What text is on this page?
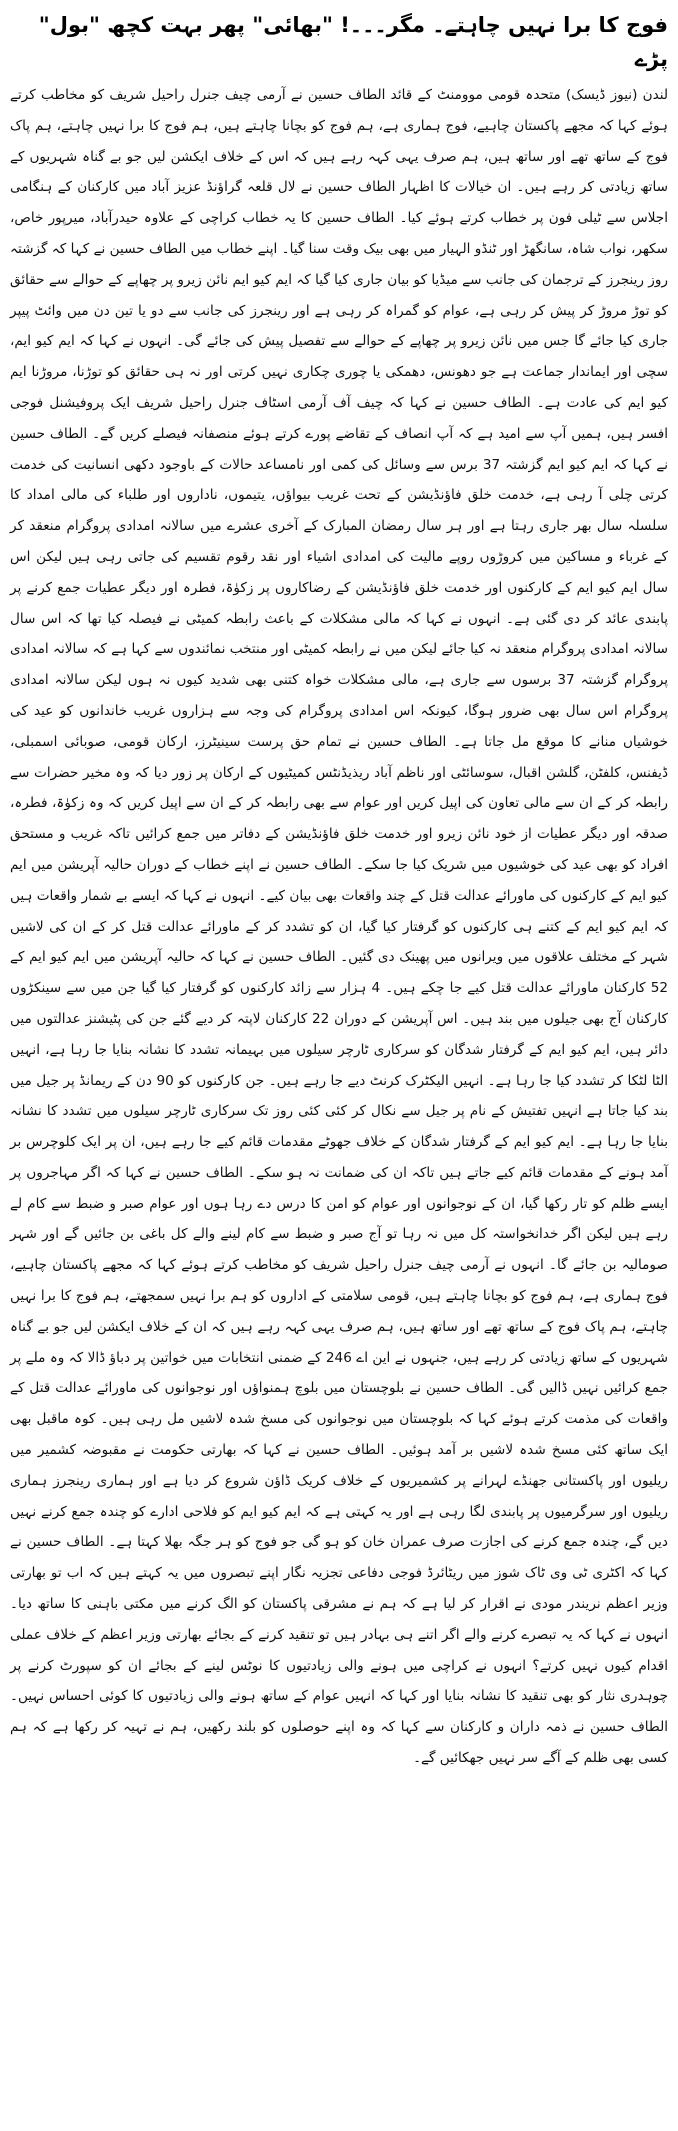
فوج کا برا نہیں چاہتے۔ مگر۔۔۔! "بھائی" پھر بہت کچھ "بول" پڑے

لندن (نیوز ڈیسک) متحدہ قومی موومنٹ کے قائد الطاف حسین نے آرمی چیف جنرل راحیل شریف کو مخاطب کرتے ہوئے کہا کہ مجھے پاکستان چاہیے، فوج ہماری ہے، ہم فوج کو بچانا چاہتے ہیں، ہم فوج کا برا نہیں چاہتے، ہم پاک فوج کے ساتھ تھے اور ساتھ ہیں، ہم صرف یہی کہہ رہے ہیں کہ اس کے خلاف ایکشن لیں جو بے گناہ شہریوں کے ساتھ زیادتی کر رہے ہیں۔ ان خیالات کا اظہار الطاف حسین نے لال قلعہ گراؤنڈ عزیز آباد میں کارکنان کے ہنگامی اجلاس سے ٹیلی فون پر خطاب کرتے ہوئے کیا۔ الطاف حسین کا یہ خطاب کراچی کے علاوہ حیدرآباد، میرپور خاص، سکھر، نواب شاہ، سانگھڑ اور ٹنڈو الہیار میں بھی بیک وقت سنا گیا۔ اپنے خطاب میں الطاف حسین نے کہا کہ گزشتہ روز رینجرز کے ترجمان کی جانب سے میڈیا کو بیان جاری کیا گیا کہ ایم کیو ایم نائن زیرو پر چھاپے کے حوالے سے حقائق کو توڑ مروڑ کر پیش کر رہی ہے، عوام کو گمراہ کر رہی ہے اور رینجرز کی جانب سے دو یا تین دن میں وائٹ پیپر جاری کیا جائے گا جس میں نائن زیرو پر چھاپے کے حوالے سے تفصیل پیش کی جائے گی۔ انہوں نے کہا کہ ایم کیو ایم، سچی اور ایماندار جماعت ہے جو دھونس، دھمکی یا چوری چکاری نہیں کرتی اور نہ ہی حقائق کو توڑنا، مروڑنا ایم کیو ایم کی عادت ہے۔ الطاف حسین نے کہا کہ چیف آف آرمی اسٹاف جنرل راحیل شریف ایک پروفیشنل فوجی افسر ہیں، ہمیں آپ سے امید ہے کہ آپ انصاف کے تقاضے پورے کرتے ہوئے منصفانہ فیصلے کریں گے۔ الطاف حسین نے کہا کہ ایم کیو ایم گزشتہ 37 برس سے وسائل کی کمی اور نامساعد حالات کے باوجود دکھی انسانیت کی خدمت کرتی چلی آ رہی ہے، خدمت خلق فاؤنڈیشن کے تحت غریب بیواؤں، یتیموں، ناداروں اور طلباء کی مالی امداد کا سلسلہ سال بھر جاری رہتا ہے اور ہر سال رمضان المبارک کے آخری عشرے میں سالانہ امدادی پروگرام منعقد کر کے غرباء و مساکین میں کروڑوں روپے مالیت کی امدادی اشیاء اور نقد رقوم تقسیم کی جاتی رہی ہیں لیکن اس سال ایم کیو ایم کے کارکنوں اور خدمت خلق فاؤنڈیشن کے رضاکاروں پر زکوٰۃ، فطرہ اور دیگر عطیات جمع کرنے پر پابندی عائد کر دی گئی ہے۔ انہوں نے کہا کہ مالی مشکلات کے باعث رابطہ کمیٹی نے فیصلہ کیا تھا کہ اس سال سالانہ امدادی پروگرام منعقد نہ کیا جائے لیکن میں نے رابطہ کمیٹی اور منتخب نمائندوں سے کہا ہے کہ سالانہ امدادی پروگرام گزشتہ 37 برسوں سے جاری ہے، مالی مشکلات خواہ کتنی بھی شدید کیوں نہ ہوں لیکن سالانہ امدادی پروگرام اس سال بھی ضرور ہوگا، کیونکہ اس امدادی پروگرام کی وجہ سے ہزاروں غریب خاندانوں کو عید کی خوشیاں منانے کا موقع مل جاتا ہے۔ الطاف حسین نے تمام حق پرست سینیٹرز، ارکان قومی، صوبائی اسمبلی، ڈیفنس، کلفٹن، گلشن اقبال، سوسائٹی اور ناظم آباد ریذیڈنٹس کمیٹیوں کے ارکان پر زور دیا کہ وہ مخیر حضرات سے رابطہ کر کے ان سے مالی تعاون کی اپیل کریں اور عوام سے بھی رابطہ کر کے ان سے اپیل کریں کہ وہ زکوٰۃ، فطرہ، صدقہ اور دیگر عطیات از خود نائن زیرو اور خدمت خلق فاؤنڈیشن کے دفاتر میں جمع کرائیں تاکہ غریب و مستحق افراد کو بھی عید کی خوشیوں میں شریک کیا جا سکے۔ الطاف حسین نے اپنے خطاب کے دوران حالیہ آپریشن میں ایم کیو ایم کے کارکنوں کی ماورائے عدالت قتل کے چند واقعات بھی بیان کیے۔ انہوں نے کہا کہ ایسے بے شمار واقعات ہیں کہ ایم کیو ایم کے کتنے ہی کارکنوں کو گرفتار کیا گیا، ان کو تشدد کر کے ماورائے عدالت قتل کر کے ان کی لاشیں شہر کے مختلف علاقوں میں ویرانوں میں پھینک دی گئیں۔ الطاف حسین نے کہا کہ حالیہ آپریشن میں ایم کیو ایم کے 52 کارکنان ماورائے عدالت قتل کیے جا چکے ہیں۔ 4 ہزار سے زائد کارکنوں کو گرفتار کیا گیا جن میں سے سینکڑوں کارکنان آج بھی جیلوں میں بند ہیں۔ اس آپریشن کے دوران 22 کارکنان لاپتہ کر دیے گئے جن کی پٹیشنز عدالتوں میں دائر ہیں، ایم کیو ایم کے گرفتار شدگان کو سرکاری ٹارچر سیلوں میں بہیمانہ تشدد کا نشانہ بنایا جا رہا ہے، انہیں الٹا لٹکا کر تشدد کیا جا رہا ہے۔ انہیں الیکٹرک کرنٹ دیے جا رہے ہیں۔ جن کارکنوں کو 90 دن کے ریمانڈ پر جیل میں بند کیا جاتا ہے انہیں تفتیش کے نام پر جیل سے نکال کر کئی کئی روز تک سرکاری ٹارچر سیلوں میں تشدد کا نشانہ بنایا جا رہا ہے۔ ایم کیو ایم کے گرفتار شدگان کے خلاف جھوٹے مقدمات قائم کیے جا رہے ہیں، ان پر ایک کلوچرس بر آمد ہونے کے مقدمات قائم کیے جاتے ہیں تاکہ ان کی ضمانت نہ ہو سکے۔ الطاف حسین نے کہا کہ اگر مہاجروں پر ایسے ظلم کو تار رکھا گیا، ان کے نوجوانوں اور عوام کو امن کا درس دے رہا ہوں اور عوام صبر و ضبط سے کام لے رہے ہیں لیکن اگر خدانخواستہ کل میں نہ رہا تو آج صبر و ضبط سے کام لینے والے کل باغی بن جائیں گے اور شہر صومالیہ بن جائے گا۔ انہوں نے آرمی چیف جنرل راحیل شریف کو مخاطب کرتے ہوئے کہا کہ مجھے پاکستان چاہیے، فوج ہماری ہے، ہم فوج کو بچانا چاہتے ہیں، قومی سلامتی کے اداروں کو ہم برا نہیں سمجھتے، ہم فوج کا برا نہیں چاہتے، ہم پاک فوج کے ساتھ تھے اور ساتھ ہیں، ہم صرف یہی کہہ رہے ہیں کہ ان کے خلاف ایکشن لیں جو بے گناہ شہریوں کے ساتھ زیادتی کر رہے ہیں، جنہوں نے این اے 246 کے ضمنی انتخابات میں خواتین پر دباؤ ڈالا کہ وہ ملے پر جمع کرائیں نہیں ڈالیں گی۔ الطاف حسین نے بلوچستان میں بلوچ ہمنواؤں اور نوجوانوں کی ماورائے عدالت قتل کے واقعات کی مذمت کرتے ہوئے کہا کہ بلوچستان میں نوجوانوں کی مسخ شدہ لاشیں مل رہی ہیں۔ کوہ ماقبل بھی ایک ساتھ کئی مسخ شدہ لاشیں بر آمد ہوئیں۔ الطاف حسین نے کہا کہ بھارتی حکومت نے مقبوضہ کشمیر میں ریلیوں اور پاکستانی جھنڈے لہرانے پر کشمیریوں کے خلاف کریک ڈاؤن شروع کر دیا ہے اور ہماری رینجرز ہماری ریلیوں اور سرگرمیوں پر پابندی لگا رہی ہے اور یہ کہتی ہے کہ ایم کیو ایم کو فلاحی ادارے کو چندہ جمع کرنے نہیں دیں گے، چندہ جمع کرنے کی اجازت صرف عمران خان کو ہو گی جو فوج کو ہر جگہ بھلا کہتا ہے۔ الطاف حسین نے کہا کہ اکٹری ٹی وی ٹاک شوز میں ریٹائرڈ فوجی دفاعی تجزیہ نگار اپنے تبصروں میں یہ کہتے ہیں کہ اب تو بھارتی وزیر اعظم نریندر مودی نے اقرار کر لیا ہے کہ ہم نے مشرقی پاکستان کو الگ کرنے میں مکتی باہنی کا ساتھ دیا۔ انہوں نے کہا کہ یہ تبصرے کرنے والے اگر اتنے ہی بہادر ہیں تو تنقید کرنے کے بجائے بھارتی وزیر اعظم کے خلاف عملی اقدام کیوں نہیں کرتے؟ انہوں نے کراچی میں ہونے والی زیادتیوں کا نوٹس لینے کے بجائے ان کو سپورٹ کرنے پر چوہدری نثار کو بھی تنقید کا نشانہ بنایا اور کہا کہ انہیں عوام کے ساتھ ہونے والی زیادتیوں کا کوئی احساس نہیں۔ الطاف حسین نے ذمہ داران و کارکنان سے کہا کہ وہ اپنے حوصلوں کو بلند رکھیں، ہم نے تہیہ کر رکھا ہے کہ ہم کسی بھی ظلم کے آگے سر نہیں جھکائیں گے۔
